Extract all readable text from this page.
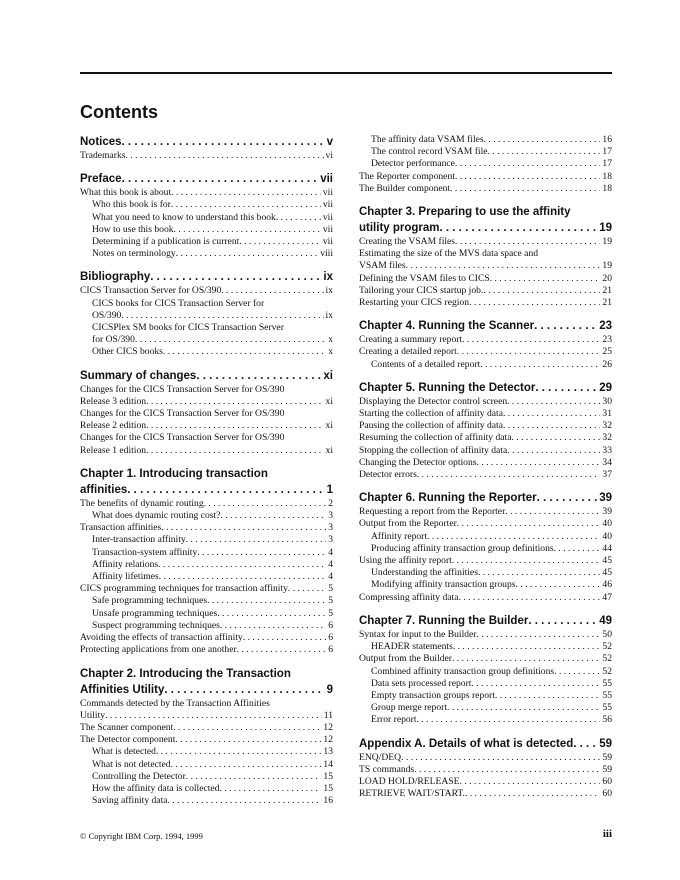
Contents
Notices . .	v
Trademarks . . .	vi
Preface . .	vii
What this book is about . . .	vii
Who this book is for . . .	vii
What you need to know to understand this book . . .	vii
How to use this book . . .	vii
Determining if a publication is current . . .	vii
Notes on terminology . . .	viii
Bibliography . .	ix
CICS Transaction Server for OS/390 . . .	ix
CICS books for CICS Transaction Server for
OS/390 . . .	ix
CICSPlex SM books for CICS Transaction Server
for OS/390 . . .	x
Other CICS books . . .	x
Summary of changes . .	xi
Changes for the CICS Transaction Server for OS/390
Release 3 edition . . .	xi
Changes for the CICS Transaction Server for OS/390
Release 2 edition . . .	xi
Changes for the CICS Transaction Server for OS/390
Release 1 edition . . .	xi
Chapter 1. Introducing transaction
affinities . .	1
The benefits of dynamic routing . . .	2
What does dynamic routing cost? . . .	3
Transaction affinities . . .	3
Inter-transaction affinity . . .	3
Transaction-system affinity . . .	4
Affinity relations . . .	4
Affinity lifetimes . . .	4
CICS programming techniques for transaction affinity . . .	5
Safe programming techniques . . .	5
Unsafe programming techniques . . .	5
Suspect programming techniques . . .	6
Avoiding the effects of transaction affinity . . .	6
Protecting applications from one another . . .	6
Chapter 2. Introducing the Transaction
Affinities Utility . .	9
Commands detected by the Transaction Affinities
Utility . . .	11
The Scanner component . . .	12
The Detector component . . .	12
What is detected . . .	13
What is not detected . . .	14
Controlling the Detector . . .	15
How the affinity data is collected . . .	15
Saving affinity data . . .	16
The affinity data VSAM files . . .	16
The control record VSAM file . . .	17
Detector performance . . .	17
The Reporter component . . .	18
The Builder component . . .	18
Chapter 3. Preparing to use the affinity
utility program . .	19
Creating the VSAM files . . .	19
Estimating the size of the MVS data space and
VSAM files . . .	19
Defining the VSAM files to CICS . . .	20
Tailoring your CICS startup job. . . .	21
Restarting your CICS region . . .	21
Chapter 4. Running the Scanner . .	23
Creating a summary report . . .	23
Creating a detailed report . . .	25
Contents of a detailed report . . .	26
Chapter 5. Running the Detector . .	29
Displaying the Detector control screen . . .	30
Starting the collection of affinity data . . .	31
Pausing the collection of affinity data . . .	32
Resuming the collection of affinity data . . .	32
Stopping the collection of affinity data . . .	33
Changing the Detector options . . .	34
Detector errors . . .	37
Chapter 6. Running the Reporter . .	39
Requesting a report from the Reporter . . .	39
Output from the Reporter . . .	40
Affinity report . . .	40
Producing affinity transaction group definitions . . .	44
Using the affinity report . . .	45
Understanding the affinities . . .	45
Modifying affinity transaction groups . . .	46
Compressing affinity data . . .	47
Chapter 7. Running the Builder . .	49
Syntax for input to the Builder . . .	50
HEADER statements . . .	52
Output from the Builder . . .	52
Combined affinity transaction group definitions . . .	52
Data sets processed report . . .	55
Empty transaction groups report . . .	55
Group merge report . . .	55
Error report . . .	56
Appendix A. Details of what is detected . . 59
ENQ/DEQ . . .	59
TS commands . . .	59
LOAD HOLD/RELEASE . . .	60
RETRIEVE WAIT/START. . . .	60
© Copyright IBM Corp. 1994, 1999	iii
